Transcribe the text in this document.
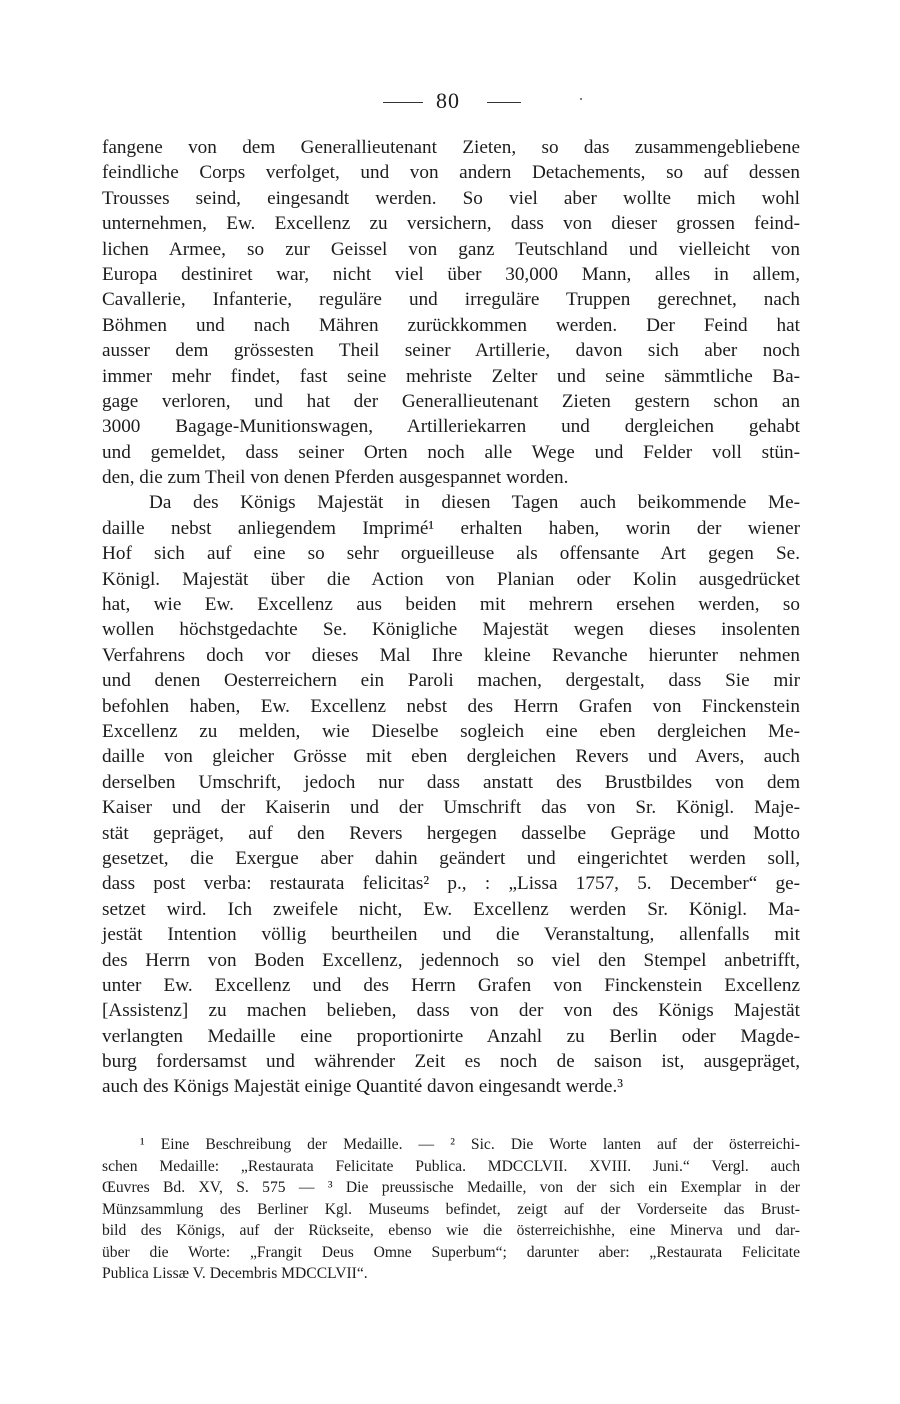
80
fangene von dem Generallieutenant Zieten, so das zusammengebliebene
feindliche Corps verfolget, und von andern Detachements, so auf dessen
Trousses seind, eingesandt werden. So viel aber wollte mich wohl
unternehmen, Ew. Excellenz zu versichern, dass von dieser grossen feind-
lichen Armee, so zur Geissel von ganz Teutschland und vielleicht von
Europa destiniret war, nicht viel über 30,000 Mann, alles in allem,
Cavallerie, Infanterie, reguläre und irreguläre Truppen gerechnet, nach
Böhmen und nach Mähren zurückkommen werden. Der Feind hat
ausser dem grössesten Theil seiner Artillerie, davon sich aber noch
immer mehr findet, fast seine mehriste Zelter und seine sämmtliche Ba-
gage verloren, und hat der Generallieutenant Zieten gestern schon an
3000 Bagage-Munitionswagen, Artilleriekarren und dergleichen gehabt
und gemeldet, dass seiner Orten noch alle Wege und Felder voll stün-
den, die zum Theil von denen Pferden ausgespannet worden.
Da des Königs Majestät in diesen Tagen auch beikommende Me-
daille nebst anliegendem Imprimé¹ erhalten haben, worin der wiener
Hof sich auf eine so sehr orgueilleuse als offensante Art gegen Se.
Königl. Majestät über die Action von Planian oder Kolin ausgedrücket
hat, wie Ew. Excellenz aus beiden mit mehrern ersehen werden, so
wollen höchstgedachte Se. Königliche Majestät wegen dieses insolenten
Verfahrens doch vor dieses Mal Ihre kleine Revanche hierunter nehmen
und denen Oesterreichern ein Paroli machen, dergestalt, dass Sie mir
befohlen haben, Ew. Excellenz nebst des Herrn Grafen von Finckenstein
Excellenz zu melden, wie Dieselbe sogleich eine eben dergleichen Me-
daille von gleicher Grösse mit eben dergleichen Revers und Avers, auch
derselben Umschrift, jedoch nur dass anstatt des Brustbildes von dem
Kaiser und der Kaiserin und der Umschrift das von Sr. Königl. Maje-
stät gepräget, auf den Revers hergegen dasselbe Gepräge und Motto
gesetzet, die Exergue aber dahin geändert und eingerichtet werden soll,
dass post verba: restaurata felicitas² p., : „Lissa 1757, 5. December“ ge-
setzet wird. Ich zweifele nicht, Ew. Excellenz werden Sr. Königl. Ma-
jestät Intention völlig beurtheilen und die Veranstaltung, allenfalls mit
des Herrn von Boden Excellenz, jedennoch so viel den Stempel anbetrifft,
unter Ew. Excellenz und des Herrn Grafen von Finckenstein Excellenz
[Assistenz] zu machen belieben, dass von der von des Königs Majestät
verlangten Medaille eine proportionirte Anzahl zu Berlin oder Magde-
burg fordersamst und währender Zeit es noch de saison ist, ausgepräget,
auch des Königs Majestät einige Quantité davon eingesandt werde.³
¹ Eine Beschreibung der Medaille. — ² Sic. Die Worte lanten auf der österreichi-
schen Medaille: „Restaurata Felicitate Publica. MDCCLVII. XVIII. Juni.“ Vergl. auch
Œuvres Bd. XV, S. 575 — ³ Die preussische Medaille, von der sich ein Exemplar in der
Münzsammlung des Berliner Kgl. Museums befindet, zeigt auf der Vorderseite das Brust-
bild des Königs, auf der Rückseite, ebenso wie die österreichishhe, eine Minerva und dar-
über die Worte: „Frangit Deus Omne Superbum“; darunter aber: „Restaurata Felicitate
Publica Lissæ V. Decembris MDCCLVII“.
